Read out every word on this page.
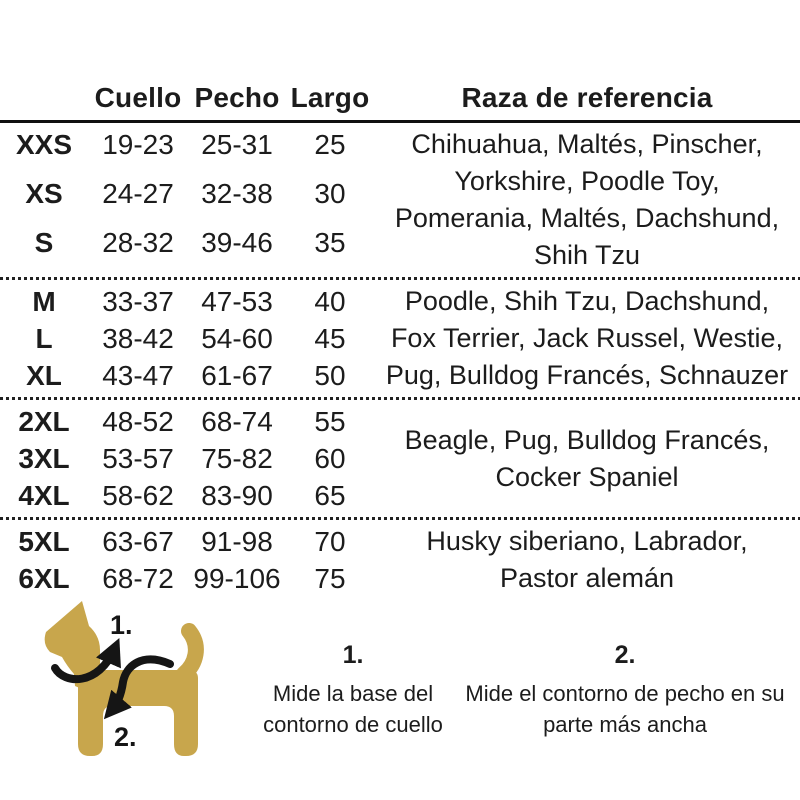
Cuello Pecho Largo	Raza de referencia
Chihuahua, Maltés, Pinscher, Yorkshire, Poodle Toy, Pomerania, Maltés, Dachshund, Shih Tzu
XXS	19-23 25-31	25
XS	24-27 32-38	30
S	28-32 39-46	35
Poodle, Shih Tzu, Dachshund, Fox Terrier, Jack Russel, Westie, Pug, Bulldog Francés, Schnauzer
M	33-37 47-53	40
L	38-42 54-60	45
XL	43-47 61-67	50
Beagle, Pug, Bulldog Francés, Cocker Spaniel
2XL	48-52 68-74	55
3XL	53-57 75-82	60
4XL	58-62 83-90	65
Husky siberiano, Labrador, Pastor alemán
5XL	63-67 91-98	70
6XL	68-72 99-106	75
1.
2.
1.
Mide la base del contorno de cuello
2.
Mide el contorno de pecho en su parte más ancha
